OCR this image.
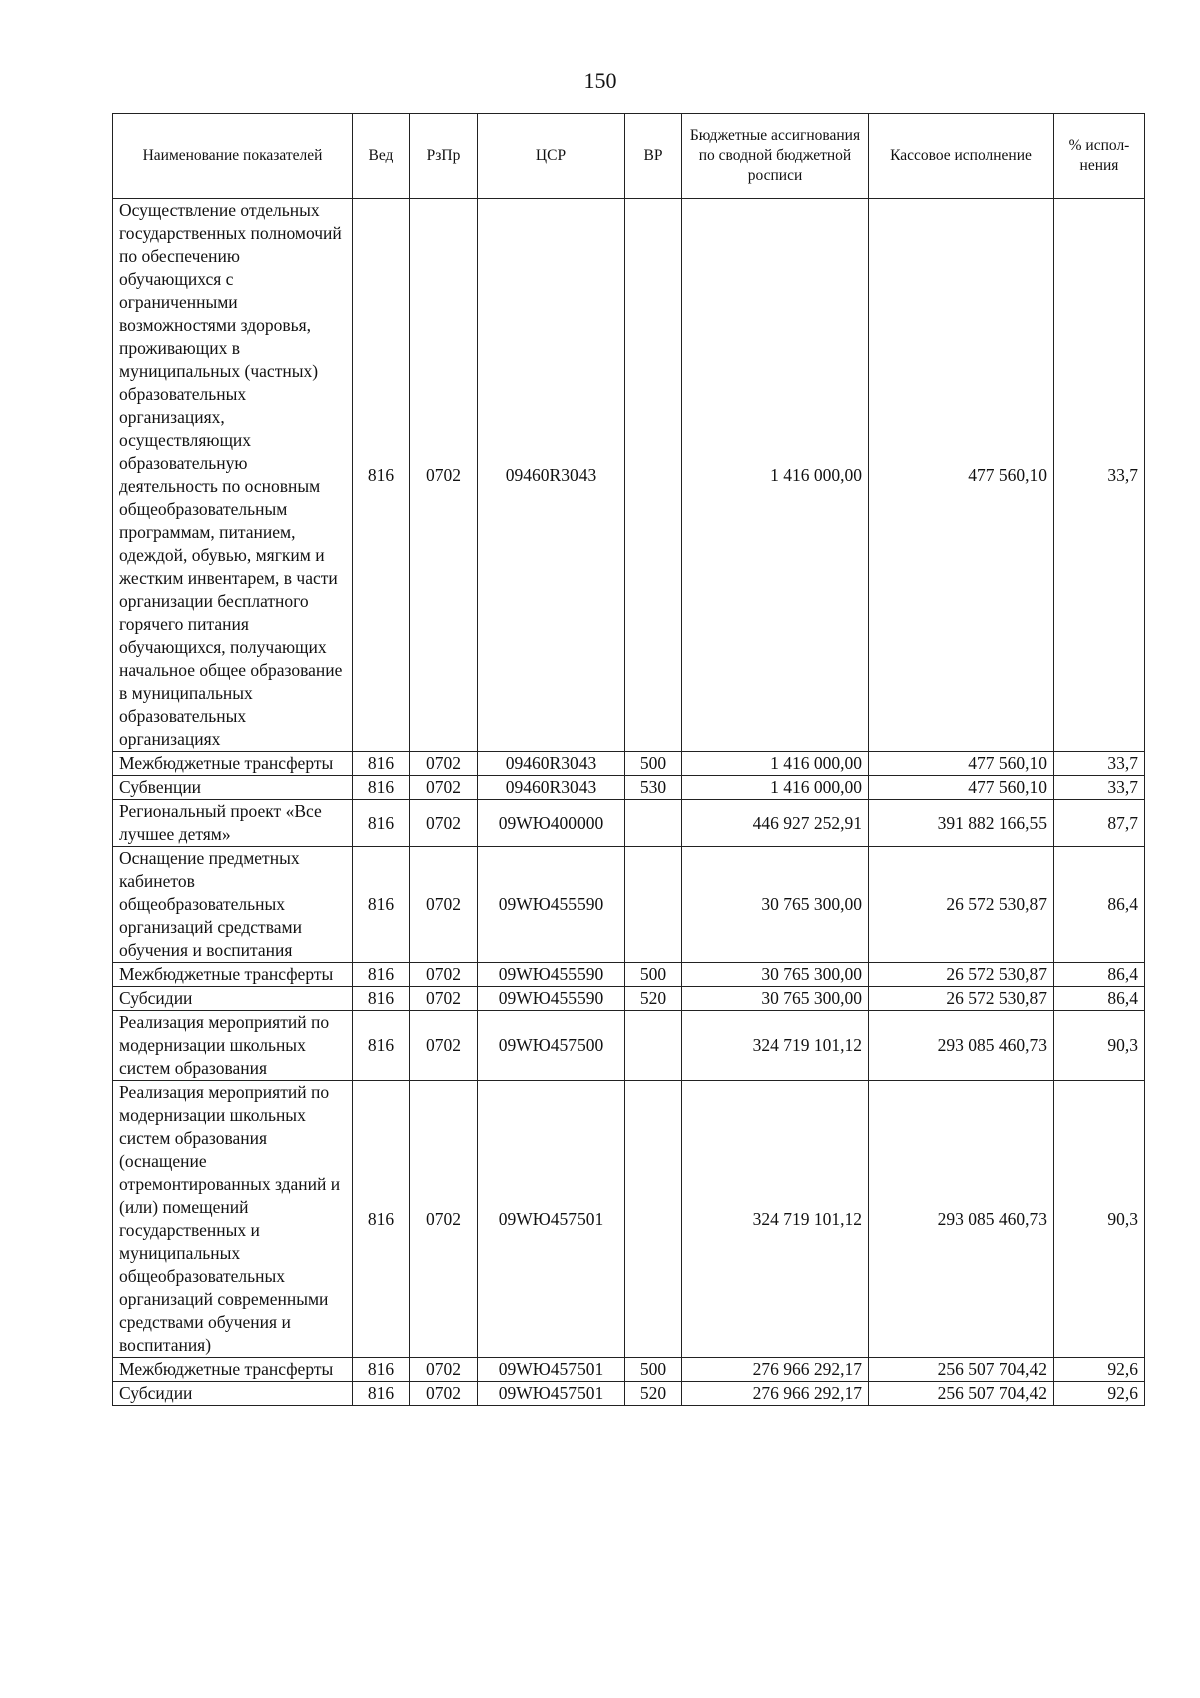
150
Наименование показателей	Вед	РзПр	ЦСР	ВР	Бюджетные ассигнования по сводной бюджетной росписи	Кассовое исполнение	% испол-нения
Осуществление отдельных государственных полномочий по обеспечению обучающихся с ограниченными возможностями здоровья, проживающих в муниципальных (частных) образовательных организациях, осуществляющих образовательную деятельность по основным общеобразовательным программам, питанием, одеждой, обувью, мягким и жестким инвентарем, в части организации бесплатного горячего питания обучающихся, получающих начальное общее образование в муниципальных образовательных организациях	816	0702	09460R3043		1 416 000,00	477 560,10	33,7
Межбюджетные трансферты	816	0702	09460R3043	500	1 416 000,00	477 560,10	33,7
Субвенции	816	0702	09460R3043	530	1 416 000,00	477 560,10	33,7
Региональный проект «Все лучшее детям»	816	0702	09WЮ400000		446 927 252,91	391 882 166,55	87,7
Оснащение предметных кабинетов общеобразовательных организаций средствами обучения и воспитания	816	0702	09WЮ455590		30 765 300,00	26 572 530,87	86,4
Межбюджетные трансферты	816	0702	09WЮ455590	500	30 765 300,00	26 572 530,87	86,4
Субсидии	816	0702	09WЮ455590	520	30 765 300,00	26 572 530,87	86,4
Реализация мероприятий по модернизации школьных систем образования	816	0702	09WЮ457500		324 719 101,12	293 085 460,73	90,3
Реализация мероприятий по модернизации школьных систем образования (оснащение отремонтированных зданий и (или) помещений государственных и муниципальных общеобразовательных организаций современными средствами обучения и воспитания)	816	0702	09WЮ457501		324 719 101,12	293 085 460,73	90,3
Межбюджетные трансферты	816	0702	09WЮ457501	500	276 966 292,17	256 507 704,42	92,6
Субсидии	816	0702	09WЮ457501	520	276 966 292,17	256 507 704,42	92,6
